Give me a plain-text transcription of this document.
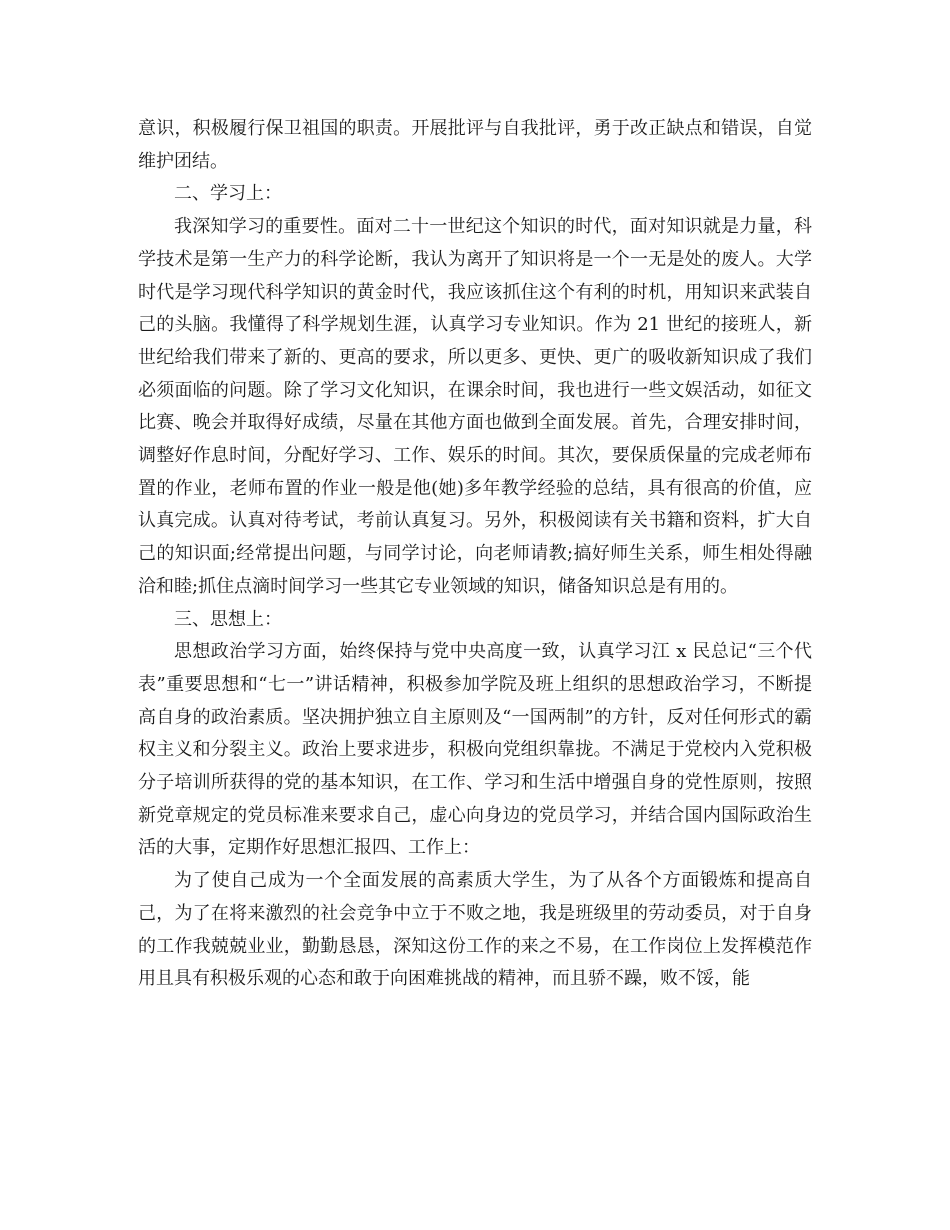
意识，积极履行保卫祖国的职责。开展批评与自我批评，勇于改正缺点和错误，自觉维护团结。

二、学习上：

我深知学习的重要性。面对二十一世纪这个知识的时代，面对知识就是力量，科学技术是第一生产力的科学论断，我认为离开了知识将是一个一无是处的废人。大学时代是学习现代科学知识的黄金时代，我应该抓住这个有利的时机，用知识来武装自己的头脑。我懂得了科学规划生涯，认真学习专业知识。作为 21 世纪的接班人，新世纪给我们带来了新的、更高的要求，所以更多、更快、更广的吸收新知识成了我们必须面临的问题。除了学习文化知识，在课余时间，我也进行一些文娱活动，如征文比赛、晚会并取得好成绩，尽量在其他方面也做到全面发展。首先，合理安排时间，调整好作息时间，分配好学习、工作、娱乐的时间。其次，要保质保量的完成老师布置的作业，老师布置的作业一般是他(她)多年教学经验的总结，具有很高的价值，应认真完成。认真对待考试，考前认真复习。另外，积极阅读有关书籍和资料，扩大自己的知识面;经常提出问题，与同学讨论，向老师请教;搞好师生关系，师生相处得融洽和睦;抓住点滴时间学习一些其它专业领域的知识，储备知识总是有用的。

三、思想上：

思想政治学习方面，始终保持与党中央高度一致，认真学习江 x 民总记“三个代表”重要思想和“七一”讲话精神，积极参加学院及班上组织的思想政治学习，不断提高自身的政治素质。坚决拥护独立自主原则及“一国两制”的方针，反对任何形式的霸权主义和分裂主义。政治上要求进步，积极向党组织靠拢。不满足于党校内入党积极分子培训所获得的党的基本知识，在工作、学习和生活中增强自身的党性原则，按照新党章规定的党员标准来要求自己，虚心向身边的党员学习，并结合国内国际政治生活的大事，定期作好思想汇报四、工作上：

为了使自己成为一个全面发展的高素质大学生，为了从各个方面锻炼和提高自己，为了在将来激烈的社会竞争中立于不败之地，我是班级里的劳动委员，对于自身的工作我兢兢业业，勤勤恳恳，深知这份工作的来之不易，在工作岗位上发挥模范作用且具有积极乐观的心态和敢于向困难挑战的精神，而且骄不躁，败不馁，能
